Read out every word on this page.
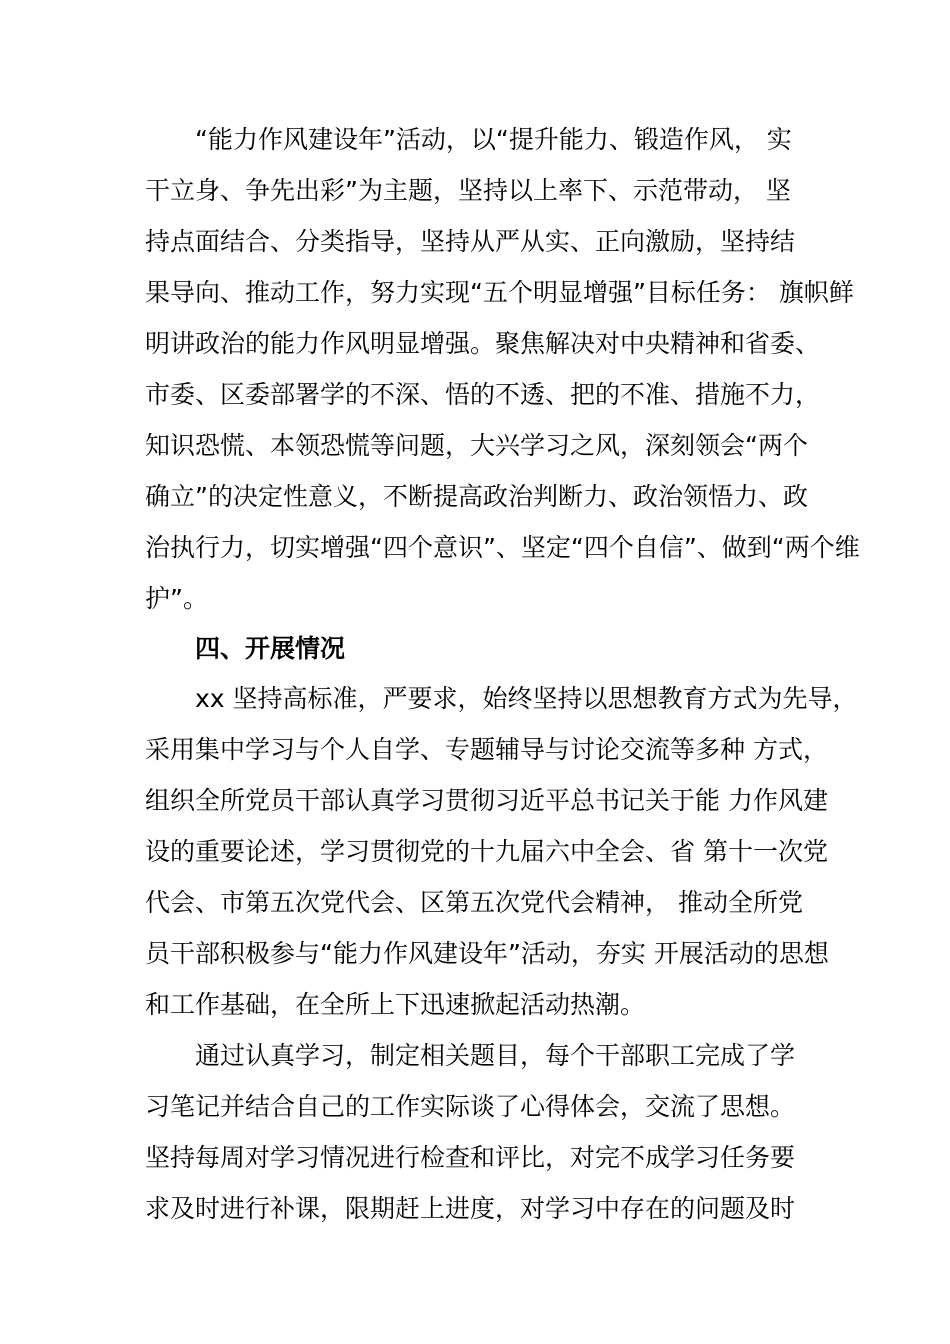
“能力作风建设年”活动，以“提升能力、锻造作风， 实
干立身、争先出彩”为主题，坚持以上率下、示范带动， 坚
持点面结合、分类指导，坚持从严从实、正向激励，坚持结
果导向、推动工作，努力实现“五个明显增强”目标任务： 旗帜鲜
明讲政治的能力作风明显增强。聚焦解决对中央精神和省委、
市委、区委部署学的不深、悟的不透、把的不准、措施不力，
知识恐慌、本领恐慌等问题，大兴学习之风，深刻领会“两个
确立”的决定性意义，不断提高政治判断力、政治领悟力、政
治执行力，切实增强“四个意识”、坚定“四个自信”、做到“两个维
护”。
四、开展情况
xx 坚持高标准，严要求，始终坚持以思想教育方式为先导，
采用集中学习与个人自学、专题辅导与讨论交流等多种 方式，
组织全所党员干部认真学习贯彻习近平总书记关于能 力作风建
设的重要论述，学习贯彻党的十九届六中全会、省 第十一次党
代会、市第五次党代会、区第五次党代会精神， 推动全所党
员干部积极参与“能力作风建设年”活动，夯实 开展活动的思想
和工作基础，在全所上下迅速掀起活动热潮。
通过认真学习，制定相关题目，每个干部职工完成了学
习笔记并结合自己的工作实际谈了心得体会，交流了思想。
坚持每周对学习情况进行检查和评比，对完不成学习任务要
求及时进行补课，限期赶上进度，对学习中存在的问题及时
